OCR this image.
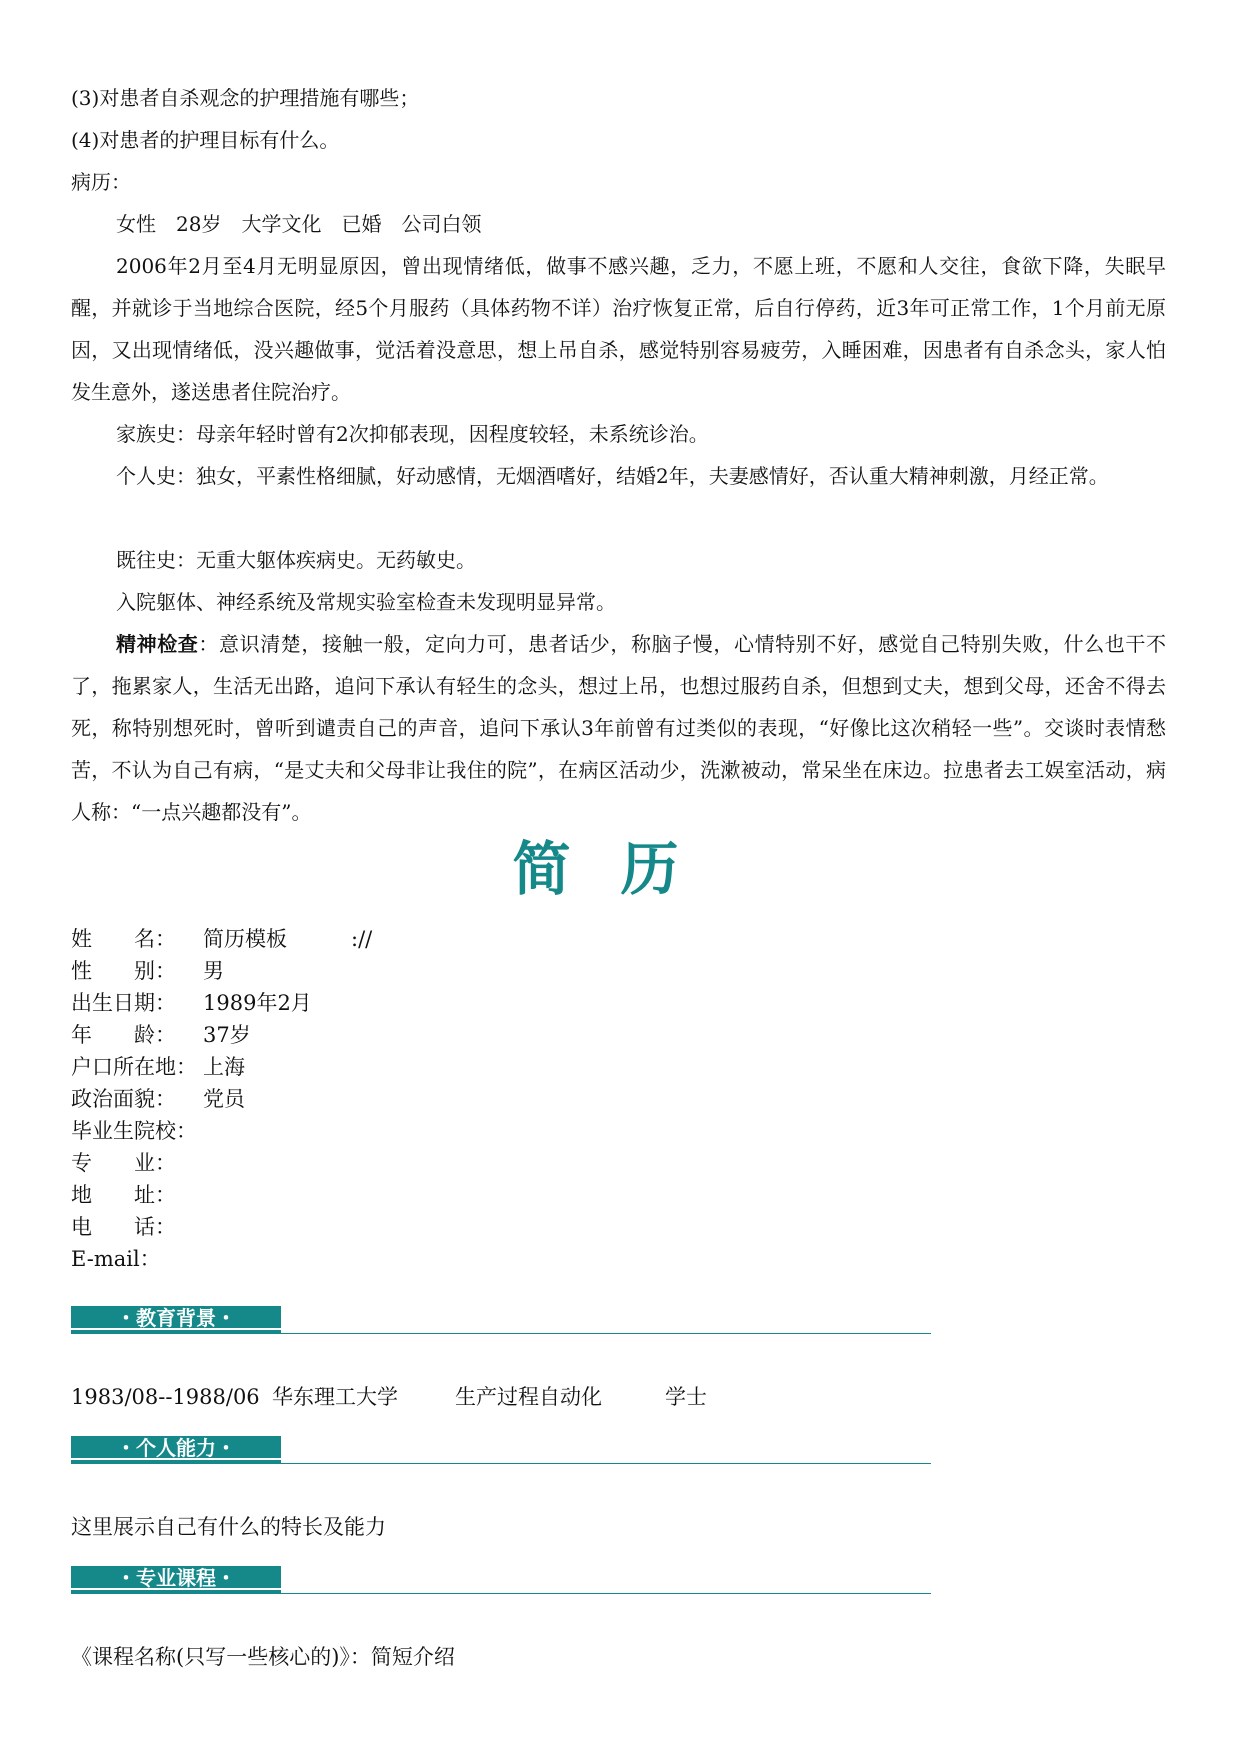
(3)对患者自杀观念的护理措施有哪些；
(4)对患者的护理目标有什么。
病历：

女性　28岁　大学文化　已婚　公司白领

2006年2月至4月无明显原因，曾出现情绪低，做事不感兴趣，乏力，不愿上班，不愿和人交往，食欲下降，失眠早醒，并就诊于当地综合医院，经5个月服药（具体药物不详）治疗恢复正常，后自行停药，近3年可正常工作，1个月前无原因，又出现情绪低，没兴趣做事，觉活着没意思，想上吊自杀，感觉特别容易疲劳，入睡困难，因患者有自杀念头，家人怕发生意外，遂送患者住院治疗。

家族史：母亲年轻时曾有2次抑郁表现，因程度较轻，未系统诊治。

个人史：独女，平素性格细腻，好动感情，无烟酒嗜好，结婚2年，夫妻感情好，否认重大精神刺激，月经正常。

既往史：无重大躯体疾病史。无药敏史。

入院躯体、神经系统及常规实验室检查未发现明显异常。

精神检查：意识清楚，接触一般，定向力可，患者话少，称脑子慢，心情特别不好，感觉自己特别失败，什么也干不了，拖累家人，生活无出路，追问下承认有轻生的念头，想过上吊，也想过服药自杀，但想到丈夫，想到父母，还舍不得去死，称特别想死时，曾听到谴责自己的声音，追问下承认3年前曾有过类似的表现，“好像比这次稍轻一些”。交谈时表情愁苦，不认为自己有病，“是丈夫和父母非让我住的院”，在病区活动少，洗漱被动，常呆坐在床边。拉患者去工娱室活动，病人称：“一点兴趣都没有”。

简历
姓　　名： 简历模板	://
性　　别： 男
出生日期： 1989年2月
年　　龄： 37岁
户口所在地： 上海
政治面貌： 党员
毕业生院校：
专　　业：
地　　址：
电　　话：
E-mail：
・教育背景・
1983/08--1988/06 华东理工大学	生产过程自动化	学士
・个人能力・
这里展示自己有什么的特长及能力
・专业课程・
《课程名称(只写一些核心的)》：简短介绍
